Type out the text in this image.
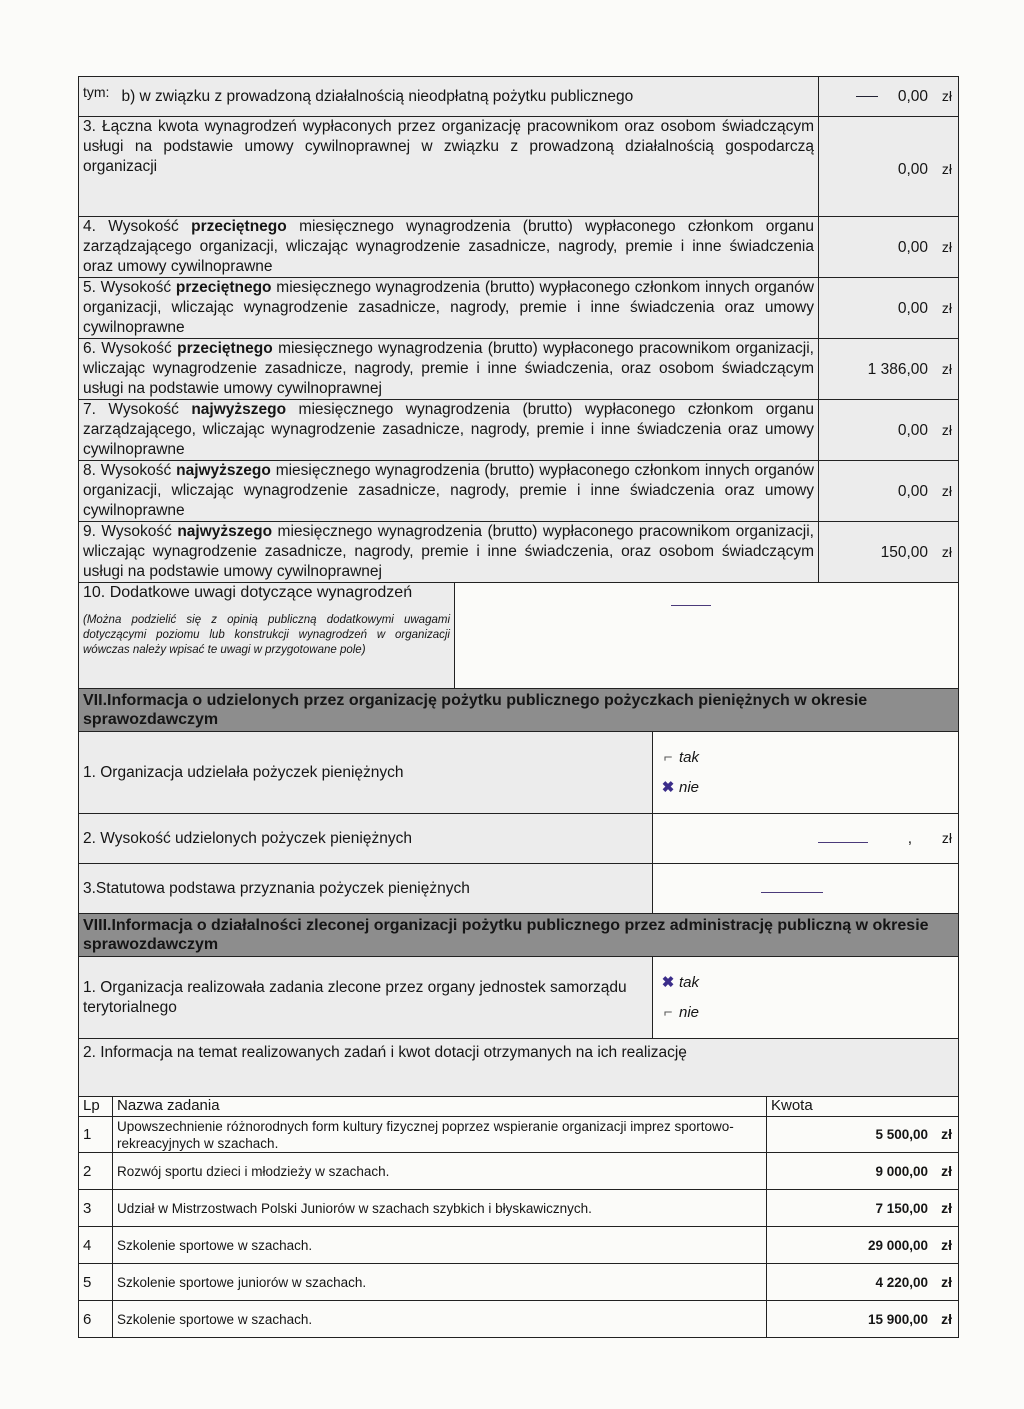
tym: b) w związku z prowadzoną działalnością nieodpłatną pożytku publicznego	0,00 zł
3. Łączna kwota wynagrodzeń wypłaconych przez organizację pracownikom oraz osobom świadczącym usługi na podstawie umowy cywilnoprawnej w związku z prowadzoną działalnością gospodarczą organizacji	0,00 zł
4. Wysokość przeciętnego miesięcznego wynagrodzenia (brutto) wypłaconego członkom organu zarządzającego organizacji, wliczając wynagrodzenie zasadnicze, nagrody, premie i inne świadczenia oraz umowy cywilnoprawne	0,00 zł
5. Wysokość przeciętnego miesięcznego wynagrodzenia (brutto) wypłaconego członkom innych organów organizacji, wliczając wynagrodzenie zasadnicze, nagrody, premie i inne świadczenia oraz umowy cywilnoprawne	0,00 zł
6. Wysokość przeciętnego miesięcznego wynagrodzenia (brutto) wypłaconego pracownikom organizacji, wliczając wynagrodzenie zasadnicze, nagrody, premie i inne świadczenia, oraz osobom świadczącym usługi na podstawie umowy cywilnoprawnej	1 386,00 zł
7. Wysokość najwyższego miesięcznego wynagrodzenia (brutto) wypłaconego członkom organu zarządzającego, wliczając wynagrodzenie zasadnicze, nagrody, premie i inne świadczenia oraz umowy cywilnoprawne	0,00 zł
8. Wysokość najwyższego miesięcznego wynagrodzenia (brutto) wypłaconego członkom innych organów organizacji, wliczając wynagrodzenie zasadnicze, nagrody, premie i inne świadczenia oraz umowy cywilnoprawne	0,00 zł
9. Wysokość najwyższego miesięcznego wynagrodzenia (brutto) wypłaconego pracownikom organizacji, wliczając wynagrodzenie zasadnicze, nagrody, premie i inne świadczenia, oraz osobom świadczącym usługi na podstawie umowy cywilnoprawnej	150,00 zł
10. Dodatkowe uwagi dotyczące wynagrodzeń
(Można podzielić się z opinią publiczną dodatkowymi uwagami dotyczącymi poziomu lub konstrukcji wynagrodzeń w organizacji wówczas należy wpisać te uwagi w przygotowane pole)

VII.Informacja o udzielonych przez organizację pożytku publicznego pożyczkach pieniężnych w okresie sprawozdawczym	
1. Organizacja udzielała pożyczek pieniężnych	⌐ tak
✖ nie

2. Wysokość udzielonych pożyczek pieniężnych	, zł
3.Statutowa podstawa przyznania pożyczek pieniężnych	
VIII.Informacja o działalności zleconej organizacji pożytku publicznego przez administrację publiczną w okresie sprawozdawczym
1. Organizacja realizowała zadania zlecone przez organy jednostek samorządu terytorialnego	
✖ tak
⌐ nie

2. Informacja na temat realizowanych zadań i kwot dotacji otrzymanych na ich realizację
Lp	Nazwa zadania	Kwota
1	Upowszechnienie różnorodnych form kultury fizycznej poprzez wspieranie organizacji imprez sportowo-rekreacyjnych w szachach.	5 500,00 zł
2	Rozwój sportu dzieci i młodzieży w szachach.	9 000,00 zł
3	Udział w Mistrzostwach Polski Juniorów w szachach szybkich i błyskawicznych.	7 150,00 zł
4	Szkolenie sportowe w szachach.	29 000,00 zł
5	Szkolenie sportowe juniorów w szachach.	4 220,00 zł
6	Szkolenie sportowe w szachach.	15 900,00 zł
